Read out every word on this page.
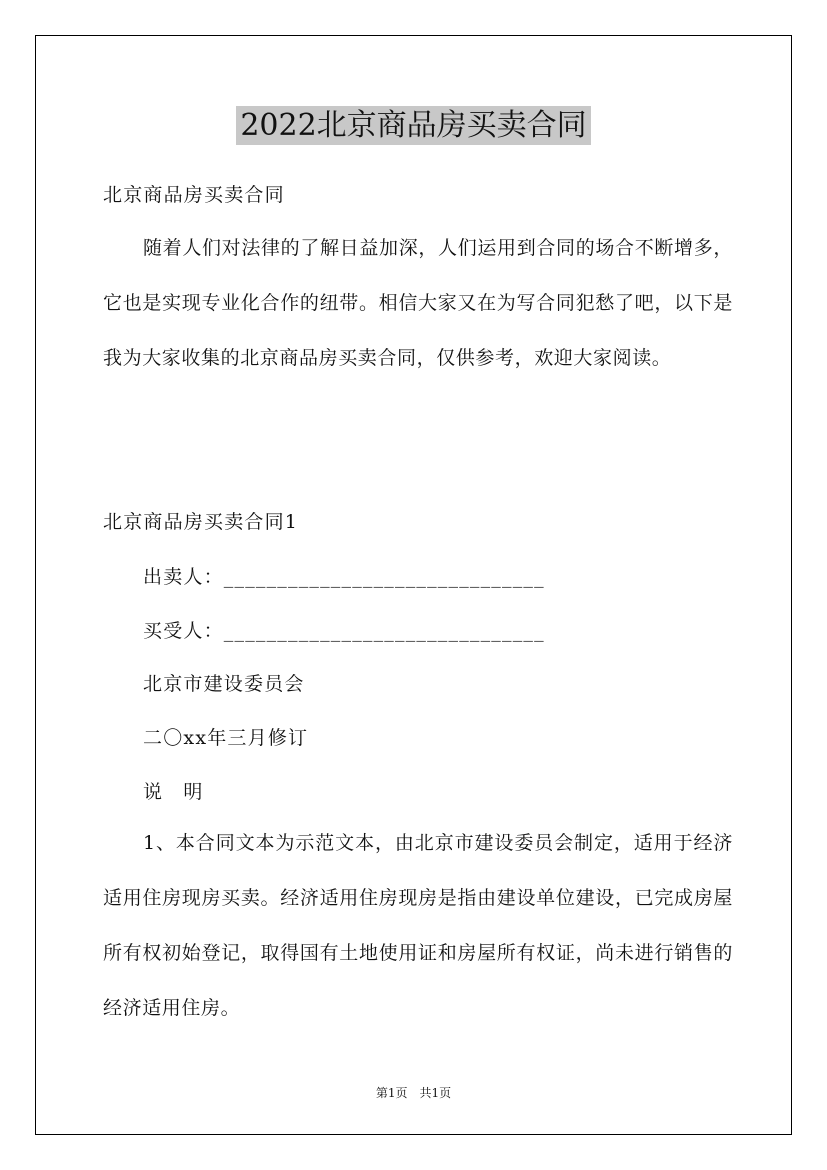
2022北京商品房买卖合同
北京商品房买卖合同
随着人们对法律的了解日益加深，人们运用到合同的场合不断增多，它也是实现专业化合作的纽带。相信大家又在为写合同犯愁了吧，以下是我为大家收集的北京商品房买卖合同，仅供参考，欢迎大家阅读。
北京商品房买卖合同1
出卖人：______________________________
买受人：______________________________
北京市建设委员会
二〇xx年三月修订
说　明
1、本合同文本为示范文本，由北京市建设委员会制定，适用于经济适用住房现房买卖。经济适用住房现房是指由建设单位建设，已完成房屋所有权初始登记，取得国有土地使用证和房屋所有权证，尚未进行销售的经济适用住房。
第1页　共1页
